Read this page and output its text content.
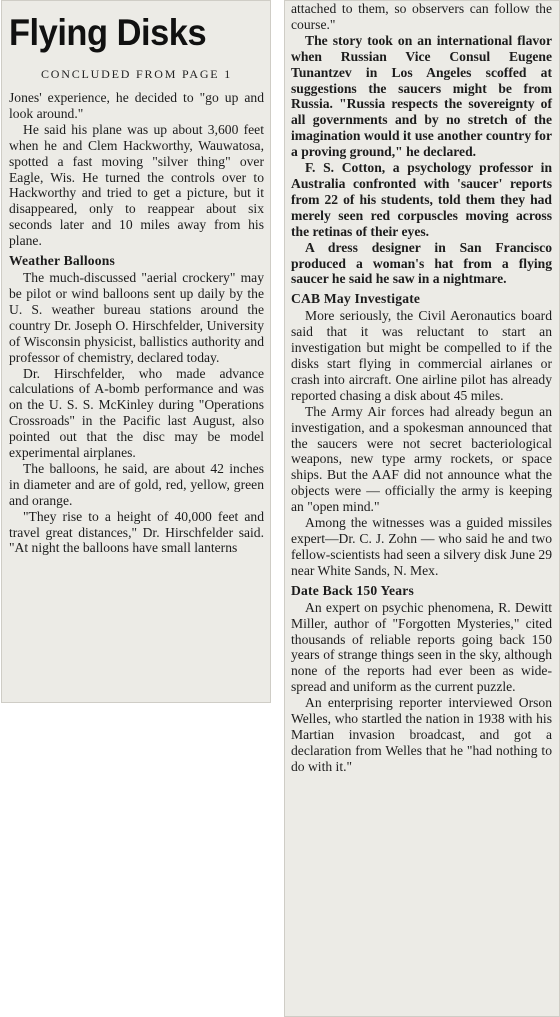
Flying Disks
CONCLUDED FROM PAGE 1

Jones' experience, he decided to "go up and look around."

He said his plane was up about 3,600 feet when he and Clem Hackworthy, Wauwatosa, spotted a fast moving "silver thing" over Eagle, Wis. He turned the controls over to Hackworthy and tried to get a picture, but it disappeared, only to reappear about six seconds later and 10 miles away from his plane.

Weather Balloons

The much-discussed "aerial crockery" may be pilot or wind balloons sent up daily by the U. S. weather bureau stations around the country Dr. Joseph O. Hirschfelder, University of Wisconsin physicist, ballistics authority and professor of chemistry, declared today.

Dr. Hirschfelder, who made advance calculations of A-bomb performance and was on the U. S. S. McKinley during "Operations Crossroads" in the Pacific last August, also pointed out that the disc may be model experimental airplanes.

The balloons, he said, are about 42 inches in diameter and are of gold, red, yellow, green and orange.

"They rise to a height of 40,000 feet and travel great distances," Dr. Hirschfelder said. "At night the balloons have small lanterns

attached to them, so observers can follow the course."

The story took on an international flavor when Russian Vice Consul Eugene Tunantzev in Los Angeles scoffed at suggestions the saucers might be from Russia. "Russia respects the sovereignty of all governments and by no stretch of the imagination would it use another country for a proving ground," he declared.

F. S. Cotton, a psychology professor in Australia confronted with 'saucer' reports from 22 of his students, told them they had merely seen red corpuscles moving across the retinas of their eyes.

A dress designer in San Francisco produced a woman's hat from a flying saucer he said he saw in a nightmare.

CAB May Investigate

More seriously, the Civil Aeronautics board said that it was reluctant to start an investigation but might be compelled to if the disks start flying in commercial airlanes or crash into aircraft. One airline pilot has already reported chasing a disk about 45 miles.

The Army Air forces had already begun an investigation, and a spokesman announced that the saucers were not secret bacteriological weapons, new type army rockets, or space ships. But the AAF did not announce what the objects were — officially the army is keeping an "open mind."

Among the witnesses was a guided missiles expert—Dr. C. J. Zohn — who said he and two fellow-scientists had seen a silvery disk June 29 near White Sands, N. Mex.

Date Back 150 Years

An expert on psychic phenomena, R. Dewitt Miller, author of "Forgotten Mysteries," cited thousands of reliable reports going back 150 years of strange things seen in the sky, although none of the reports had ever been as wide-spread and uniform as the current puzzle.

An enterprising reporter interviewed Orson Welles, who startled the nation in 1938 with his Martian invasion broadcast, and got a declaration from Welles that he "had nothing to do with it."
